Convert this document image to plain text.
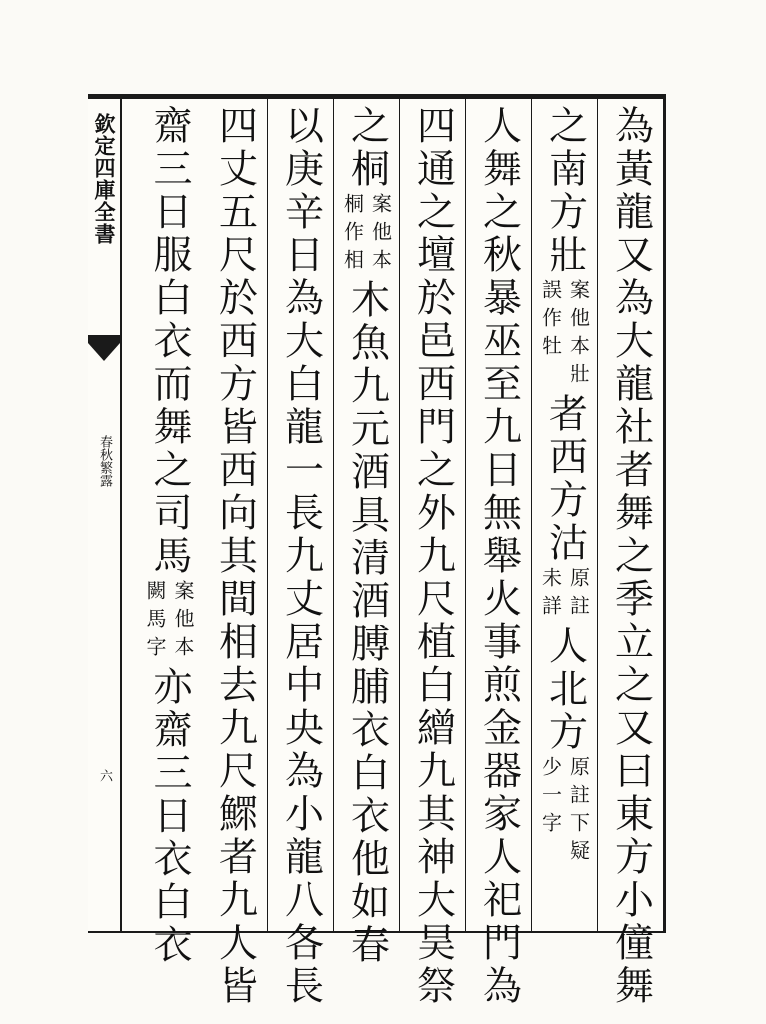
欽定四庫全書
春秋繁露
六	為黃龍又為大龍社者舞之季立之又曰東方小僮舞
之南方壯
案他本壯
誤作牡
者西方沽
原註
未詳
人北方
原註下疑
少一字
人舞之秋暴巫至九日無舉火事煎金器家人祀門為
四通之壇於邑西門之外九尺植白繒九其神大昊祭
之桐
案他本
桐作相
木魚九元酒具清酒膊脯衣白衣他如春
以庚辛日為大白龍一長九丈居中央為小龍八各長
四丈五尺於西方皆西向其間相去九尺鰥者九人皆
齋三日服白衣而舞之司馬
案他本
闕馬字
亦齋三日衣白衣
